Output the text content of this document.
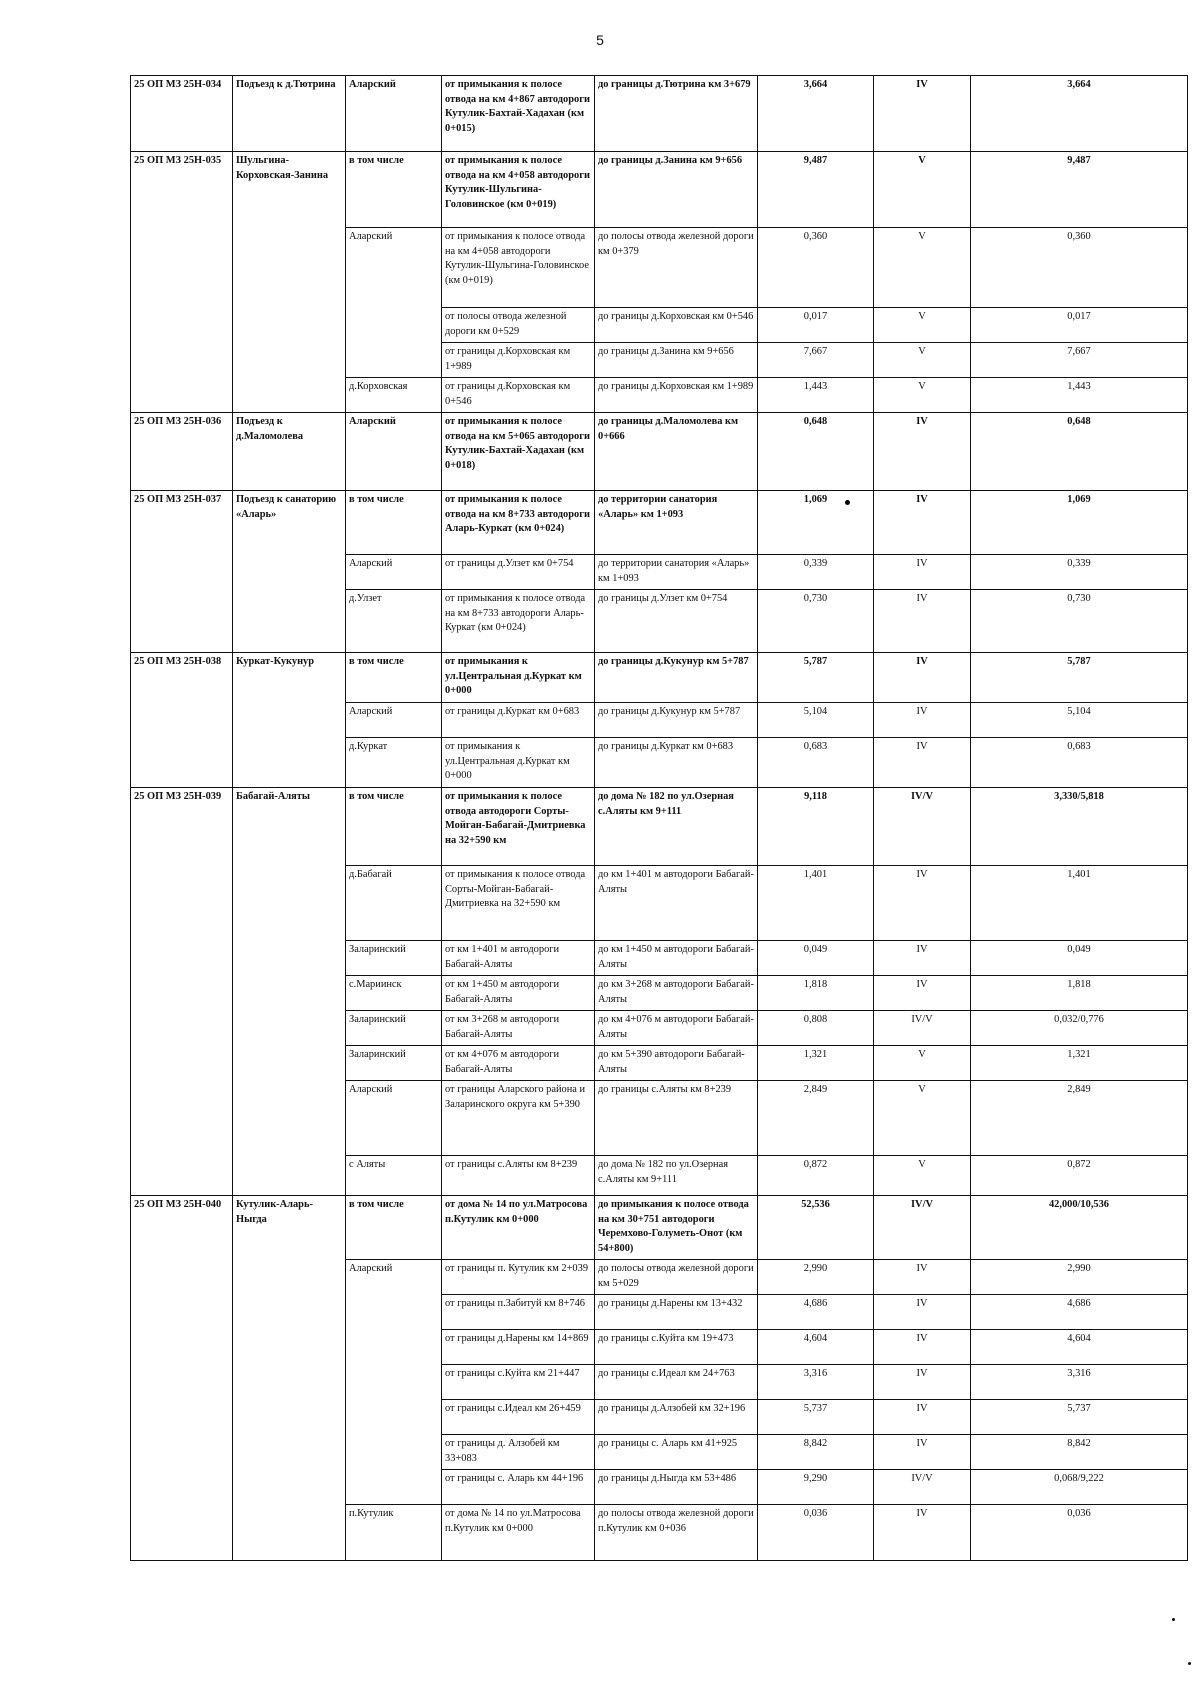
5
25 ОП МЗ 25Н-034	Подъезд к д.Тютрина	Аларский	от примыкания к полосе отвода на км 4+867 автодороги Кутулик-Бахтай-Хадахан (км 0+015)	до границы д.Тютрина км 3+679	3,664	IV	3,664
25 ОП МЗ 25Н-035	Шульгина-Корховская-Занина	в том числе	от примыкания к полосе отвода на км 4+058 автодороги Кутулик-Шульгина-Головинское (км 0+019)	до границы д.Занина км 9+656	9,487	V	9,487
		Аларский	от примыкания к полосе отвода на км 4+058 автодороги Кутулик-Шульгина-Головинское (км 0+019)	до полосы отвода железной дороги км 0+379	0,360	V	0,360
			от полосы отвода железной дороги км 0+529	до границы д.Корховская км 0+546	0,017	V	0,017
			от границы д.Корховская км 1+989	до границы д.Занина км 9+656	7,667	V	7,667
		д.Корховская	от границы д.Корховская км 0+546	до границы д.Корховская км 1+989	1,443	V	1,443
25 ОП МЗ 25Н-036	Подъезд к д.Маломолева	Аларский	от примыкания к полосе отвода на км 5+065 автодороги Кутулик-Бахтай-Хадахан (км 0+018)	до границы д.Маломолева км 0+666	0,648	IV	0,648
25 ОП МЗ 25Н-037	Подъезд к санаторию «Аларь»	в том числе	от примыкания к полосе отвода на км 8+733 автодороги Аларь-Куркат (км 0+024)	до территории санатория «Аларь» км 1+093	1,069	IV	1,069
		Аларский	от границы д.Улзет км 0+754	до территории санатория «Аларь» км 1+093	0,339	IV	0,339
		д.Улзет	от примыкания к полосе отвода на км 8+733 автодороги Аларь-Куркат (км 0+024)	до границы д.Улзет км 0+754	0,730	IV	0,730
25 ОП МЗ 25Н-038	Куркат-Кукунур	в том числе	от примыкания к ул.Центральная д.Куркат км 0+000	до границы д.Кукунур км 5+787	5,787	IV	5,787
		Аларский	от границы д.Куркат км 0+683	до границы д.Кукунур км 5+787	5,104	IV	5,104
		д.Куркат	от примыкания к ул.Центральная д.Куркат км 0+000	до границы д.Куркат км 0+683	0,683	IV	0,683
25 ОП МЗ 25Н-039	Бабагай-Аляты	в том числе	от примыкания к полосе отвода автодороги Сорты-Мойган-Бабагай-Дмитриевка на 32+590 км	до дома № 182 по ул.Озерная с.Аляты км 9+111	9,118	IV/V	3,330/5,818
		д.Бабагай	от примыкания к полосе отвода Сорты-Мойган-Бабагай-Дмитриевка на 32+590 км	до км 1+401 м автодороги Бабагай-Аляты	1,401	IV	1,401
		Заларинский	от км 1+401 м автодороги Бабагай-Аляты	до км 1+450 м автодороги Бабагай-Аляты	0,049	IV	0,049
		с.Мариинск	от км 1+450 м автодороги Бабагай-Аляты	до км 3+268 м автодороги Бабагай-Аляты	1,818	IV	1,818
		Заларинский	от км 3+268 м автодороги Бабагай-Аляты	до км 4+076 м автодороги Бабагай-Аляты	0,808	IV/V	0,032/0,776
		Заларинский	от км 4+076 м автодороги Бабагай-Аляты	до км 5+390 автодороги Бабагай-Аляты	1,321	V	1,321
		Аларский	от границы Аларского района и Заларинского округа км 5+390	до границы с.Аляты км 8+239	2,849	V	2,849
		с Аляты	от границы с.Аляты км 8+239	до дома № 182 по ул.Озерная с.Аляты км 9+111	0,872	V	0,872
25 ОП МЗ 25Н-040	Кутулик-Аларь-Ныгда	в том числе	от дома № 14 по ул.Матросова п.Кутулик км 0+000	до примыкания к полосе отвода на км 30+751 автодороги Черемхово-Голуметь-Онот (км 54+800)	52,536	IV/V	42,000/10,536
		Аларский	от границы п. Кутулик км 2+039	до полосы отвода железной дороги км 5+029	2,990	IV	2,990
			от границы п.Забитуй км 8+746	до границы д.Нарены км 13+432	4,686	IV	4,686
			от границы д.Нарены км 14+869	до границы с.Куйта км 19+473	4,604	IV	4,604
			от границы с.Куйта км 21+447	до границы с.Идеал км 24+763	3,316	IV	3,316
			от границы с.Идеал км 26+459	до границы д.Алзобей км 32+196	5,737	IV	5,737
			от границы д. Алзобей км 33+083	до границы с. Аларь км 41+925	8,842	IV	8,842
			от границы с. Аларь км 44+196	до границы д.Ныгда км 53+486	9,290	IV/V	0,068/9,222
		п.Кутулик	от дома № 14 по ул.Матросова п.Кутулик км 0+000	до полосы отвода железной дороги п.Кутулик км 0+036	0,036	IV	0,036
